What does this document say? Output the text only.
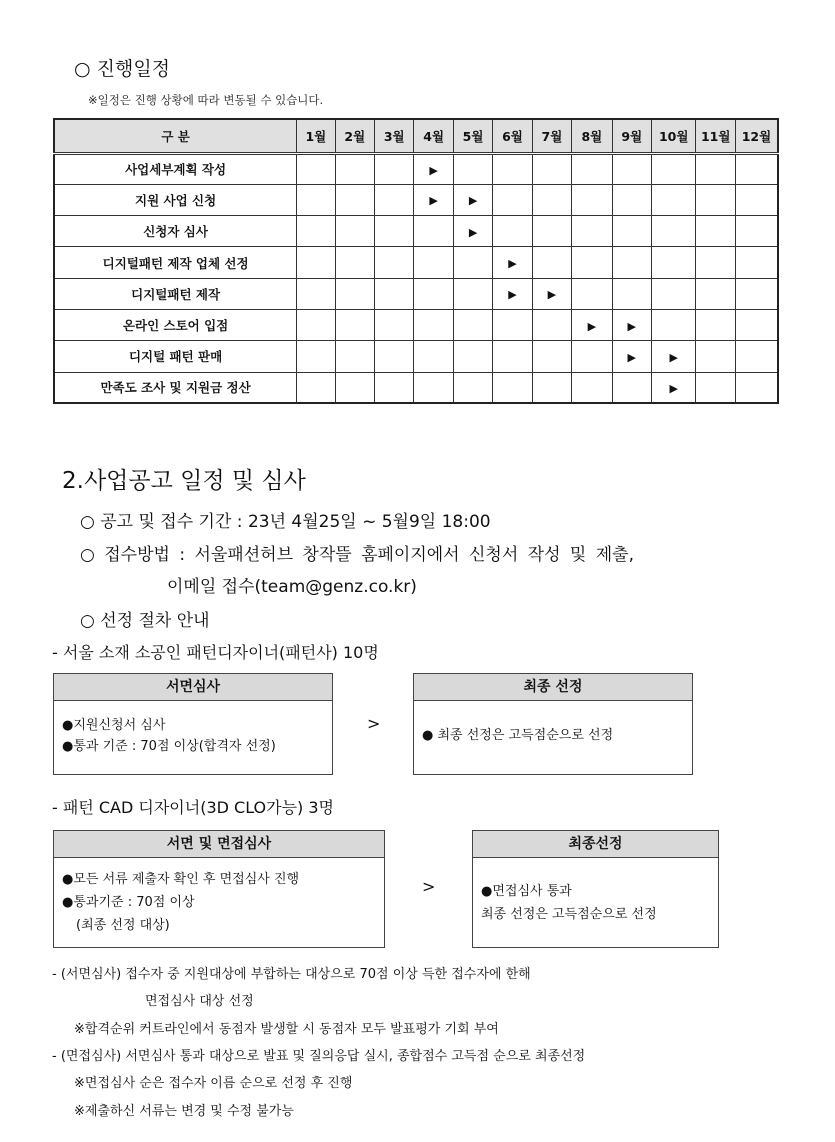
○ 진행일정
※일정은 진행 상황에 따라 변동될 수 있습니다.
구 분	1월	2월	3월	4월	5월	6월	7월	8월	9월	10월	11월	12월
사업세부계획 작성				▶								
지원 사업 신청				▶	▶							
신청자 심사					▶							
디지털패턴 제작 업체 선정						▶						
디지털패턴 제작						▶	▶					
온라인 스토어 입점								▶	▶			
디지털 패턴 판매									▶	▶		
만족도 조사 및 지원금 정산										▶		
2.사업공고 일정 및 심사
○ 공고 및 접수 기간 : 23년 4월25일 ~ 5월9일 18:00
○ 접수방법 : 서울패션허브 창작뜰 홈페이지에서 신청서 작성 및 제출,
이메일 접수(team@genz.co.kr)
○ 선정 절차 안내
- 서울 소재 소공인 패턴디자이너(패턴사) 10명
서면심사
●지원신청서 심사
●통과 기준 : 70점 이상(합격자 선정)
>
최종 선정
● 최종 선정은 고득점순으로 선정
- 패턴 CAD 디자이너(3D CLO가능) 3명
서면 및 면접심사
●모든 서류 제출자 확인 후 면접심사 진행
●통과기준 : 70점 이상
(최종 선정 대상)
>
최종선정
●면접심사 통과
최종 선정은 고득점순으로 선정
- (서면심사) 접수자 중 지원대상에 부합하는 대상으로 70점 이상 득한 접수자에 한해
면접심사 대상 선정
※합격순위 커트라인에서 동점자 발생할 시 동점자 모두 발표평가 기회 부여
- (면접심사) 서면심사 통과 대상으로 발표 및 질의응답 실시, 종합점수 고득점 순으로 최종선정
※면접심사 순은 접수자 이름 순으로 선정 후 진행
※제출하신 서류는 변경 및 수정 불가능
